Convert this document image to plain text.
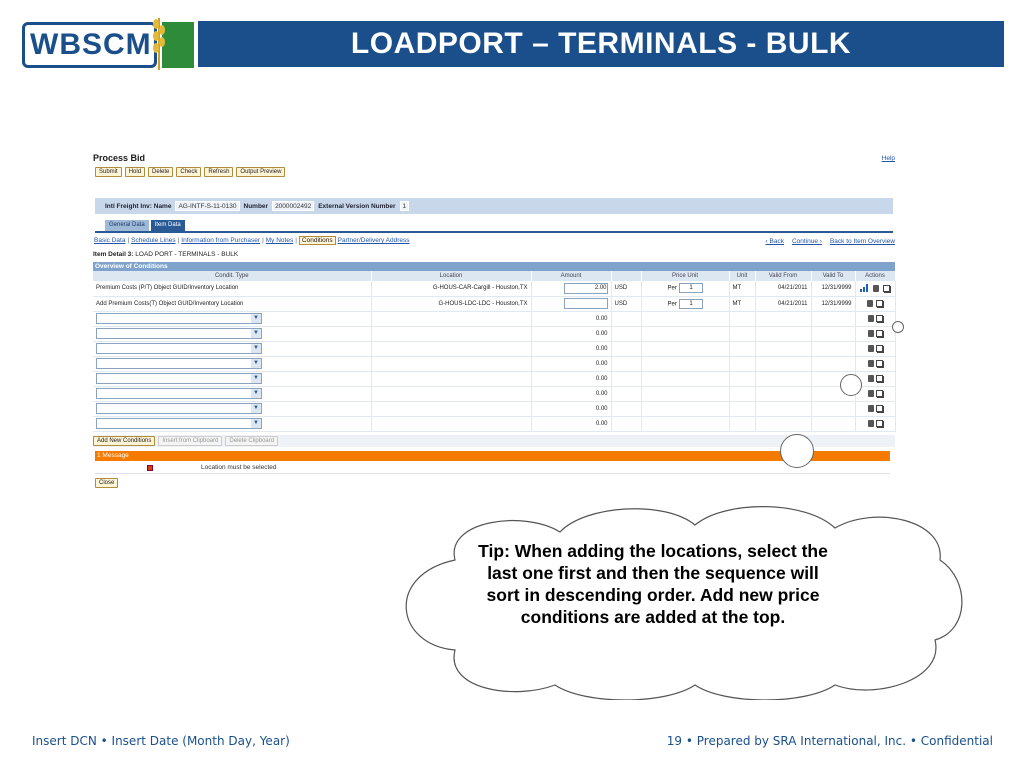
WBSCM	LOADPORT – TERMINALS - BULK
Process Bid	Help
Submit	Hold	Delete	Check	Refresh	Output Preview
Intl Freight Inv: Name	AG-INTF-S-11-0130	Number	2000002492	External Version Number	1
General Data	Item Data
Basic Data | Schedule Lines | Information from Purchaser | My Notes | Conditions Partner/Delivery Address	‹ Back Continue › Back to Item Overview
Item Detail 3: LOAD PORT - TERMINALS - BULK
Overview of Conditions
Condit. Type	Location	Amount		Price Unit	Unit	Valid From	Valid To	Actions
Premium Costs (P/T) Object GUID/Inventory Location	G-HOUS-CAR-Cargill - Houston,TX	2.00	USD	Per 1	MT	04/21/2011	12/31/9999	

Add Premium Costs(T) Object GUID/Inventory Location	G-HOUS-LDC-LDC - Houston,TX		USD	Per 1	MT	04/21/2011	12/31/9999	

▼		0.00						

▼		0.00						

▼		0.00						

▼		0.00						

▼		0.00						

▼		0.00						

▼		0.00						

▼		0.00						
Add New Conditions	Insert from Clipboard	Delete Clipboard
1 Message
Location must be selected
Close
Tip: When adding the locations, select the last one first and then the sequence will sort in descending order. Add new price conditions are added at the top.
Insert DCN • Insert Date (Month Day, Year)	19 • Prepared by SRA International, Inc. • Confidential
